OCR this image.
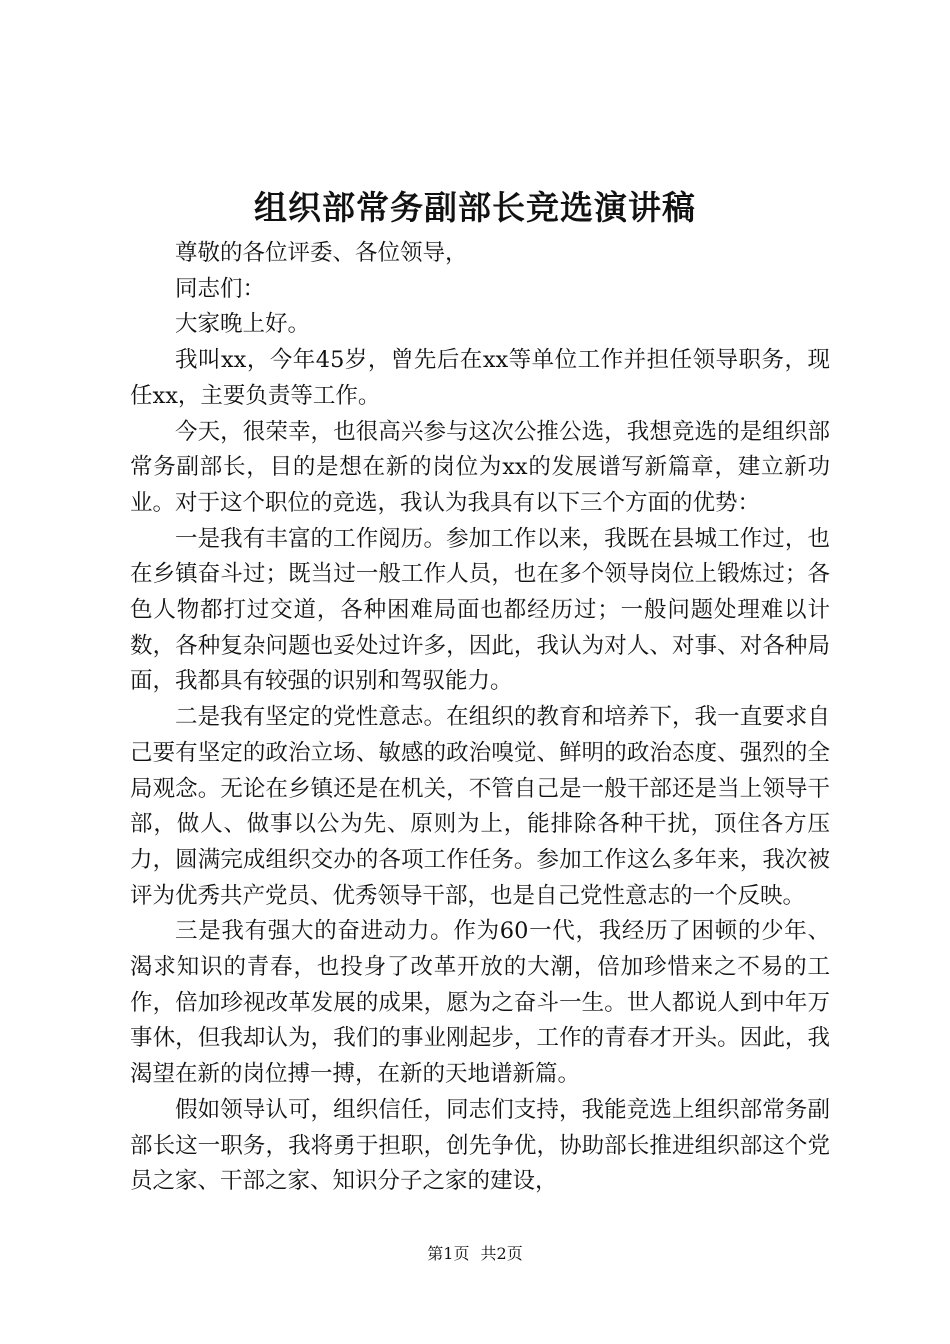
组织部常务副部长竞选演讲稿

尊敬的各位评委、各位领导，

同志们：

大家晚上好。

我叫xx，今年45岁，曾先后在xx等单位工作并担任领导职务，现任xx，主要负责等工作。

今天，很荣幸，也很高兴参与这次公推公选，我想竞选的是组织部常务副部长，目的是想在新的岗位为xx的发展谱写新篇章，建立新功业。对于这个职位的竞选，我认为我具有以下三个方面的优势：

一是我有丰富的工作阅历。参加工作以来，我既在县城工作过，也在乡镇奋斗过；既当过一般工作人员，也在多个领导岗位上锻炼过；各色人物都打过交道，各种困难局面也都经历过；一般问题处理难以计数，各种复杂问题也妥处过许多，因此，我认为对人、对事、对各种局面，我都具有较强的识别和驾驭能力。

二是我有坚定的党性意志。在组织的教育和培养下，我一直要求自己要有坚定的政治立场、敏感的政治嗅觉、鲜明的政治态度、强烈的全局观念。无论在乡镇还是在机关，不管自己是一般干部还是当上领导干部，做人、做事以公为先、原则为上，能排除各种干扰，顶住各方压力，圆满完成组织交办的各项工作任务。参加工作这么多年来，我次被评为优秀共产党员、优秀领导干部，也是自己党性意志的一个反映。

三是我有强大的奋进动力。作为60一代，我经历了困顿的少年、渴求知识的青春，也投身了改革开放的大潮，倍加珍惜来之不易的工作，倍加珍视改革发展的成果，愿为之奋斗一生。世人都说人到中年万事休，但我却认为，我们的事业刚起步，工作的青春才开头。因此，我渴望在新的岗位搏一搏，在新的天地谱新篇。

假如领导认可，组织信任，同志们支持，我能竞选上组织部常务副部长这一职务，我将勇于担职，创先争优，协助部长推进组织部这个党员之家、干部之家、知识分子之家的建设，

第1页 共2页
